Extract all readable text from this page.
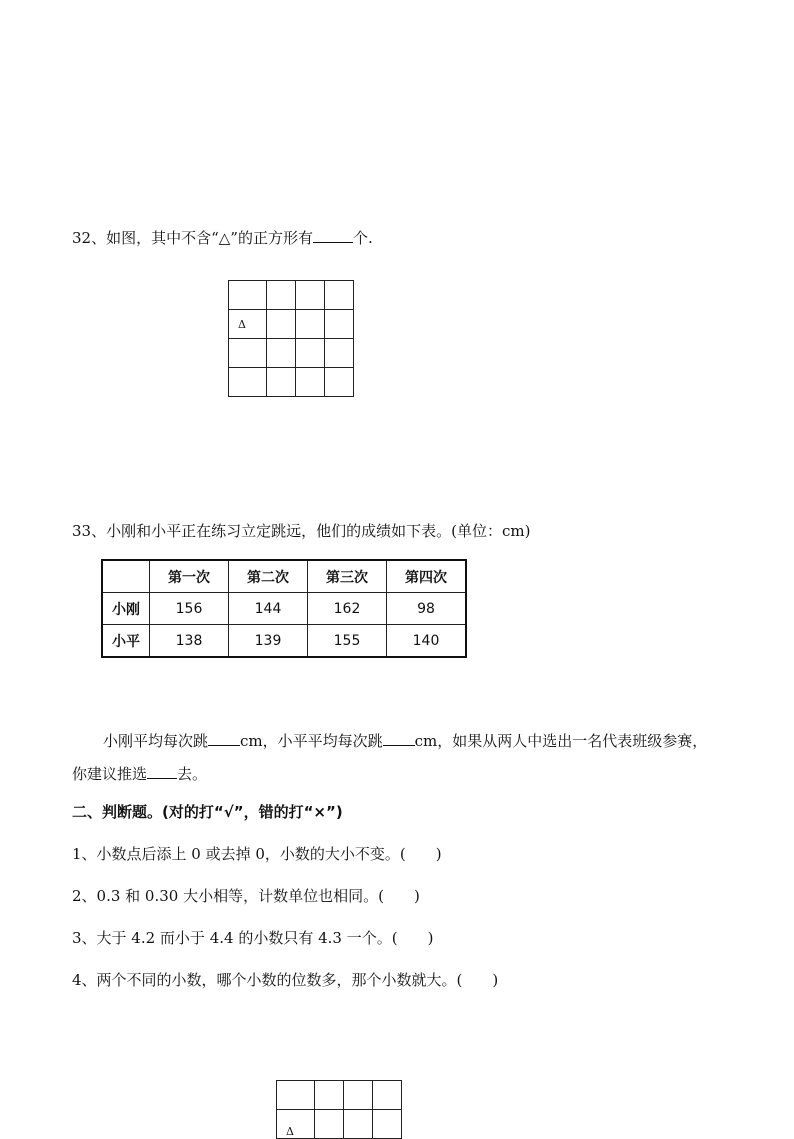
32、如图，其中不含“△”的正方形有	个.

Δ			

33、小刚和小平正在练习立定跳远，他们的成绩如下表。(单位：cm)
	第一次	第二次	第三次	第四次
小刚	156	144	162	98
小平	138	139	155	140
小刚平均每次跳 cm，小平平均每次跳 cm，如果从两人中选出一名代表班级参赛，
你建议推选 去。
二、判断题。(对的打“√”，错的打“×”)
1、小数点后添上 0 或去掉 0，小数的大小不变。(　　)
2、0.3 和 0.30 大小相等，计数单位也相同。(　　)
3、大于 4.2 而小于 4.4 的小数只有 4.3 一个。(　　)
4、两个不同的小数，哪个小数的位数多，那个小数就大。(　　)

Δ			
